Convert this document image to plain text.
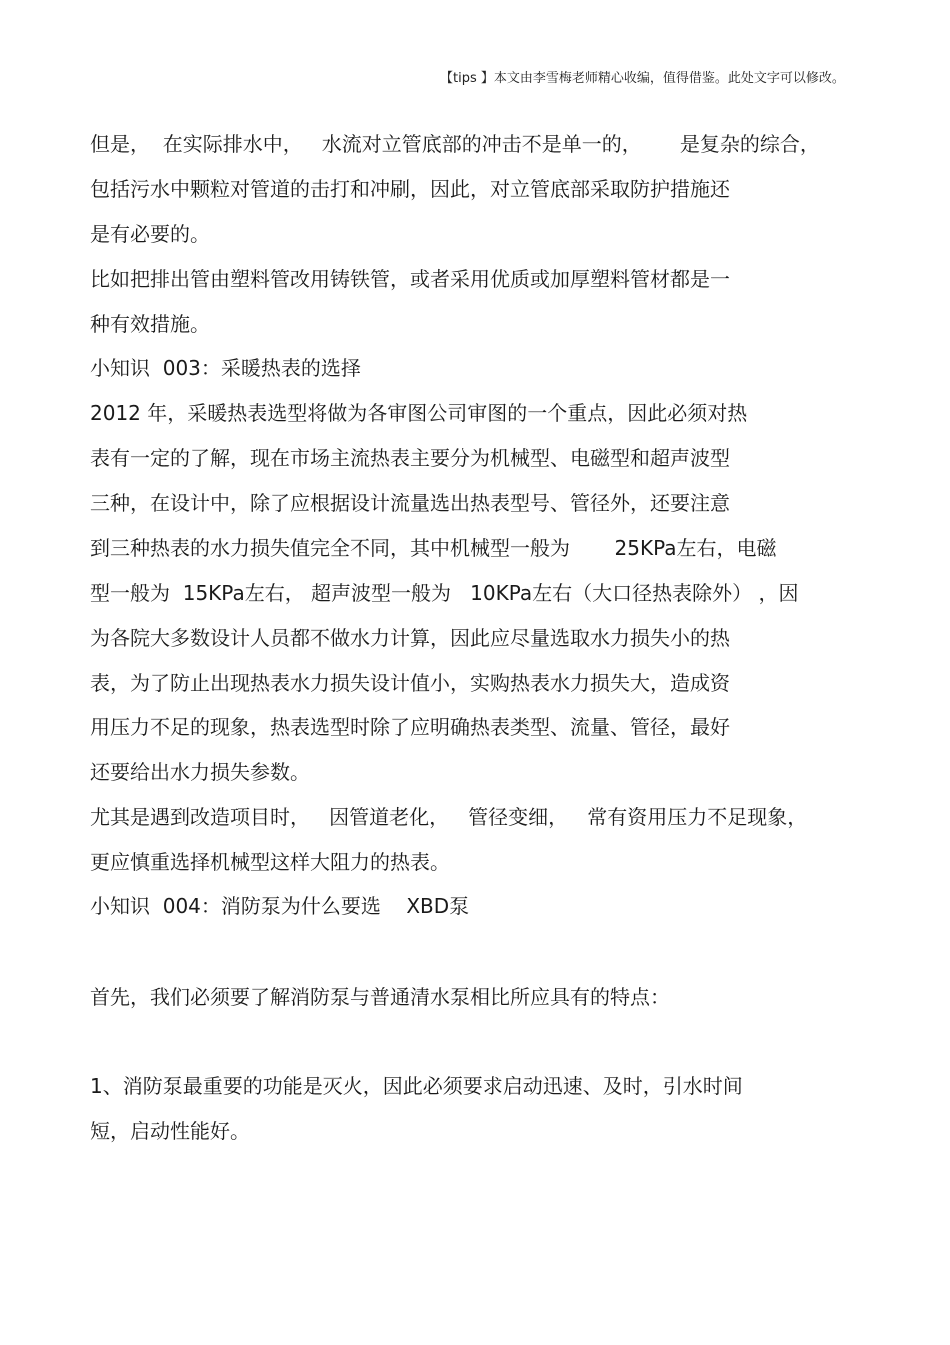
【tips 】本文由李雪梅老师精心收编，值得借鉴。此处文字可以修改。
但是，  在实际排水中，   水流对立管底部的冲击不是单一的，      是复杂的综合，
包括污水中颗粒对管道的击打和冲刷，因此，对立管底部采取防护措施还
是有必要的。
比如把排出管由塑料管改用铸铁管，或者采用优质或加厚塑料管材都是一
种有效措施。
小知识  003：采暖热表的选择
2012 年，采暖热表选型将做为各审图公司审图的一个重点，因此必须对热
表有一定的了解，现在市场主流热表主要分为机械型、电磁型和超声波型
三种，在设计中，除了应根据设计流量选出热表型号、管径外，还要注意
到三种热表的水力损失值完全不同，其中机械型一般为       25KPa左右，电磁
型一般为  15KPa左右， 超声波型一般为   10KPa左右（大口径热表除外） ，因
为各院大多数设计人员都不做水力计算，因此应尽量选取水力损失小的热
表，为了防止出现热表水力损失设计值小，实购热表水力损失大，造成资
用压力不足的现象，热表选型时除了应明确热表类型、流量、管径，最好
还要给出水力损失参数。
尤其是遇到改造项目时，   因管道老化，   管径变细，   常有资用压力不足现象，
更应慎重选择机械型这样大阻力的热表。
小知识  004：消防泵为什么要选    XBD泵
首先，我们必须要了解消防泵与普通清水泵相比所应具有的特点：
1、消防泵最重要的功能是灭火，因此必须要求启动迅速、及时，引水时间
短，启动性能好。
